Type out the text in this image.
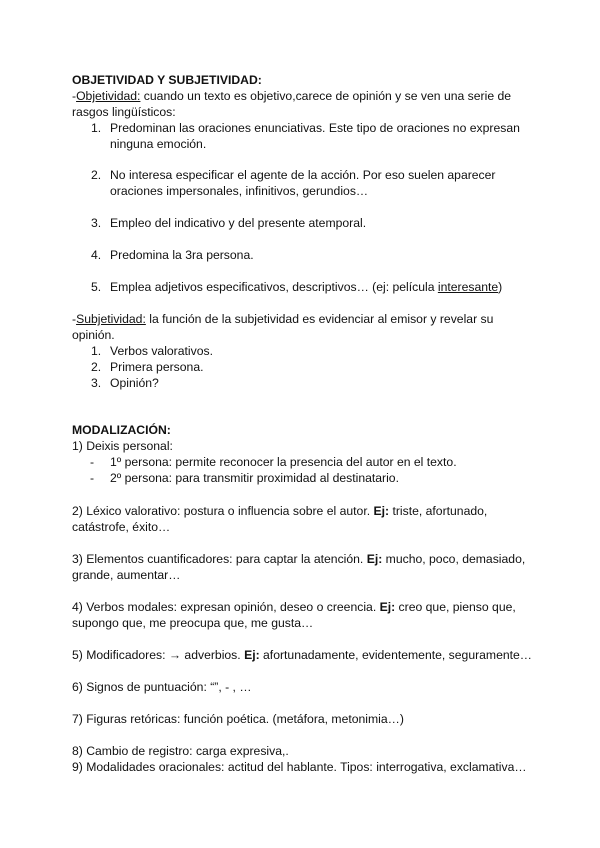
OBJETIVIDAD Y SUBJETIVIDAD:
-Objetividad: cuando un texto es objetivo,carece de opinión y se ven una serie de
rasgos lingüísticos:
1. Predominan las oraciones enunciativas. Este tipo de oraciones no expresan
ninguna emoción.
2. No interesa especificar el agente de la acción. Por eso suelen aparecer
oraciones impersonales, infinitivos, gerundios…
3. Empleo del indicativo y del presente atemporal.
4. Predomina la 3ra persona.
5. Emplea adjetivos especificativos, descriptivos… (ej: película interesante)
-Subjetividad: la función de la subjetividad es evidenciar al emisor y revelar su
opinión.
1. Verbos valorativos.
2. Primera persona.
3. Opinión?
MODALIZACIÓN:
1) Deixis personal:
- 1º persona: permite reconocer la presencia del autor en el texto.
- 2º persona: para transmitir proximidad al destinatario.
2) Léxico valorativo: postura o influencia sobre el autor. Ej: triste, afortunado,
catástrofe, éxito…
3) Elementos cuantificadores: para captar la atención. Ej: mucho, poco, demasiado,
grande, aumentar…
4) Verbos modales: expresan opinión, deseo o creencia. Ej: creo que, pienso que,
supongo que, me preocupa que, me gusta…
5) Modificadores: → adverbios. Ej: afortunadamente, evidentemente, seguramente…
6) Signos de puntuación: “”, - , …
7) Figuras retóricas: función poética. (metáfora, metonimia…)
8) Cambio de registro: carga expresiva,.
9) Modalidades oracionales: actitud del hablante. Tipos: interrogativa, exclamativa…
